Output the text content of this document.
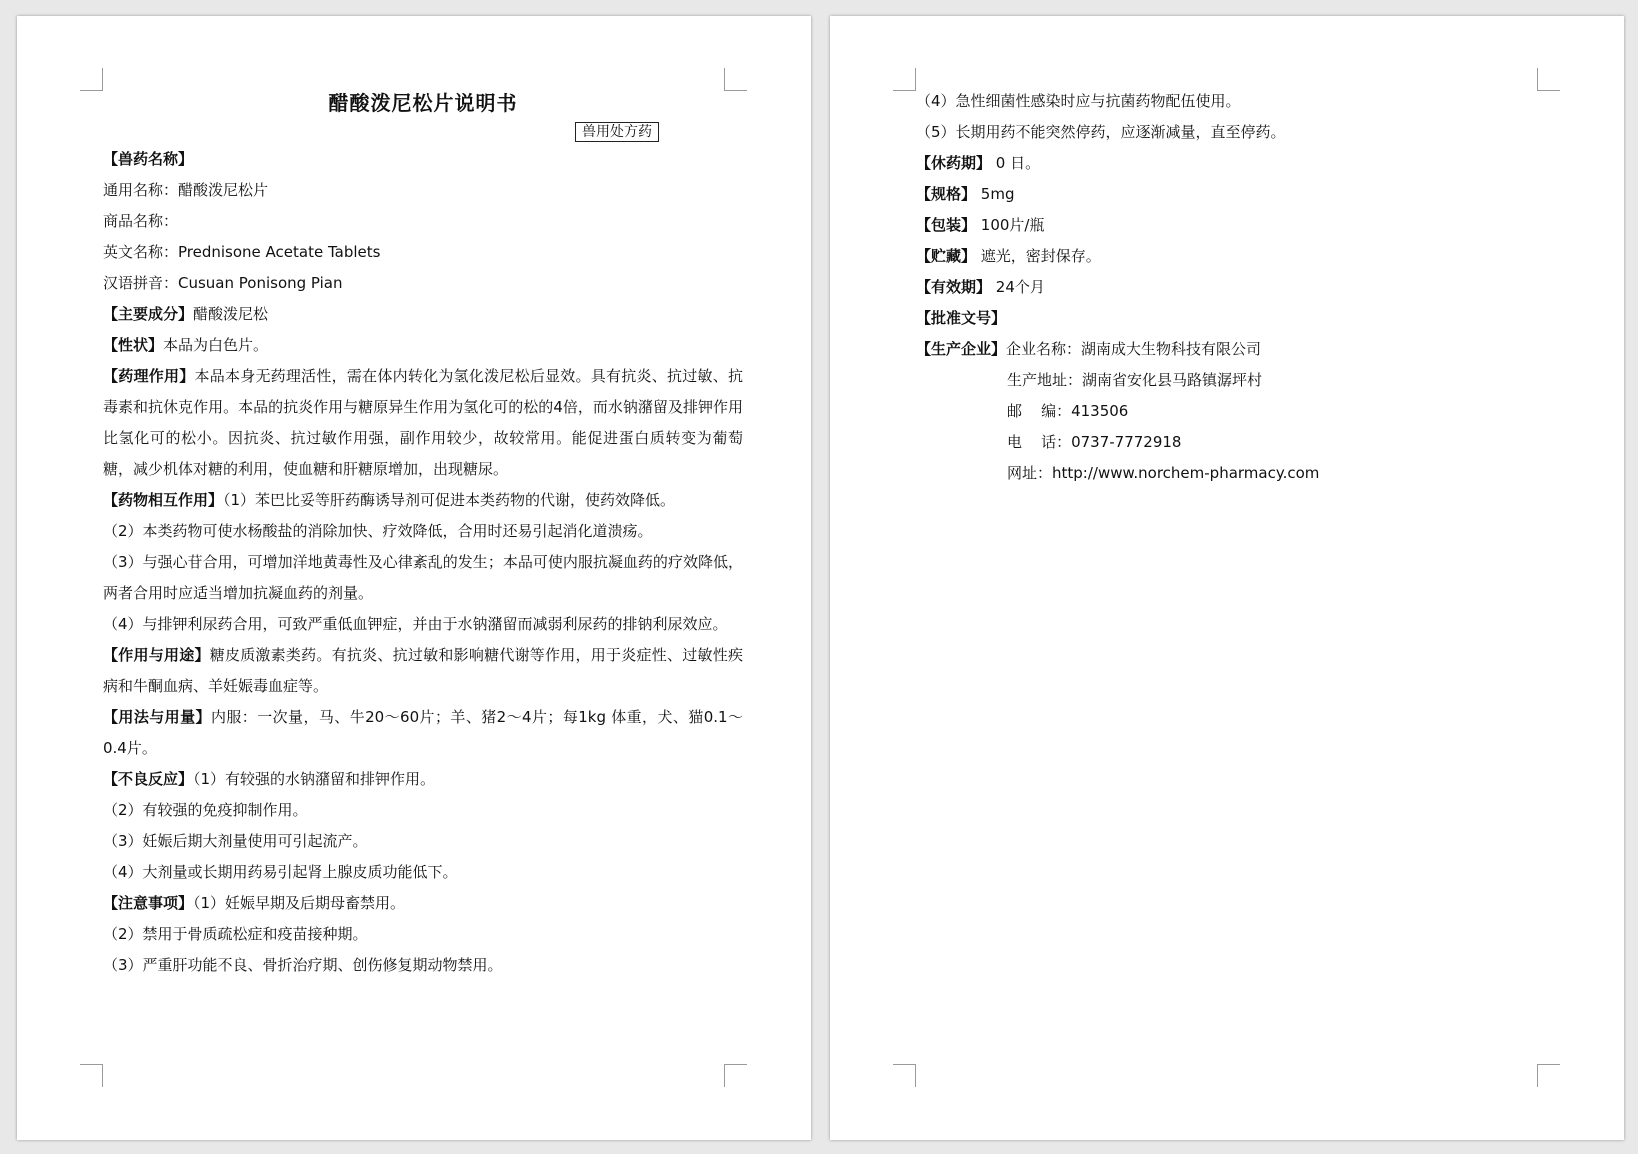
醋酸泼尼松片说明书
兽用处方药
【兽药名称】
通用名称：醋酸泼尼松片
商品名称：
英文名称：Prednisone Acetate Tablets
汉语拼音：Cusuan Ponisong Pian
【主要成分】醋酸泼尼松
【性状】本品为白色片。
【药理作用】本品本身无药理活性，需在体内转化为氢化泼尼松后显效。具有抗炎、抗过敏、抗毒素和抗休克作用。本品的抗炎作用与糖原异生作用为氢化可的松的4倍，而水钠潴留及排钾作用比氢化可的松小。因抗炎、抗过敏作用强，副作用较少，故较常用。能促进蛋白质转变为葡萄糖，减少机体对糖的利用，使血糖和肝糖原增加，出现糖尿。
【药物相互作用】（1）苯巴比妥等肝药酶诱导剂可促进本类药物的代谢，使药效降低。
（2）本类药物可使水杨酸盐的消除加快、疗效降低，合用时还易引起消化道溃疡。
（3）与强心苷合用，可增加洋地黄毒性及心律紊乱的发生；本品可使内服抗凝血药的疗效降低，两者合用时应适当增加抗凝血药的剂量。
（4）与排钾利尿药合用，可致严重低血钾症，并由于水钠潴留而减弱利尿药的排钠利尿效应。
【作用与用途】糖皮质激素类药。有抗炎、抗过敏和影响糖代谢等作用，用于炎症性、过敏性疾病和牛酮血病、羊妊娠毒血症等。
【用法与用量】内服：一次量，马、牛20～60片；羊、猪2～4片；每1kg 体重，犬、猫0.1～ 0.4片。
【不良反应】（1）有较强的水钠潴留和排钾作用。
（2）有较强的免疫抑制作用。
（3）妊娠后期大剂量使用可引起流产。
（4）大剂量或长期用药易引起肾上腺皮质功能低下。
【注意事项】（1）妊娠早期及后期母畜禁用。
（2）禁用于骨质疏松症和疫苗接种期。
（3）严重肝功能不良、骨折治疗期、创伤修复期动物禁用。
（4）急性细菌性感染时应与抗菌药物配伍使用。
（5）长期用药不能突然停药，应逐渐减量，直至停药。
【休药期】 0 日。
【规格】 5mg
【包装】 100片/瓶
【贮藏】 遮光，密封保存。
【有效期】 24个月
【批准文号】
【生产企业】企业名称：湖南成大生物科技有限公司
生产地址：湖南省安化县马路镇潺坪村
邮    编：413506
电    话：0737-7772918
网址：http://www.norchem-pharmacy.com
